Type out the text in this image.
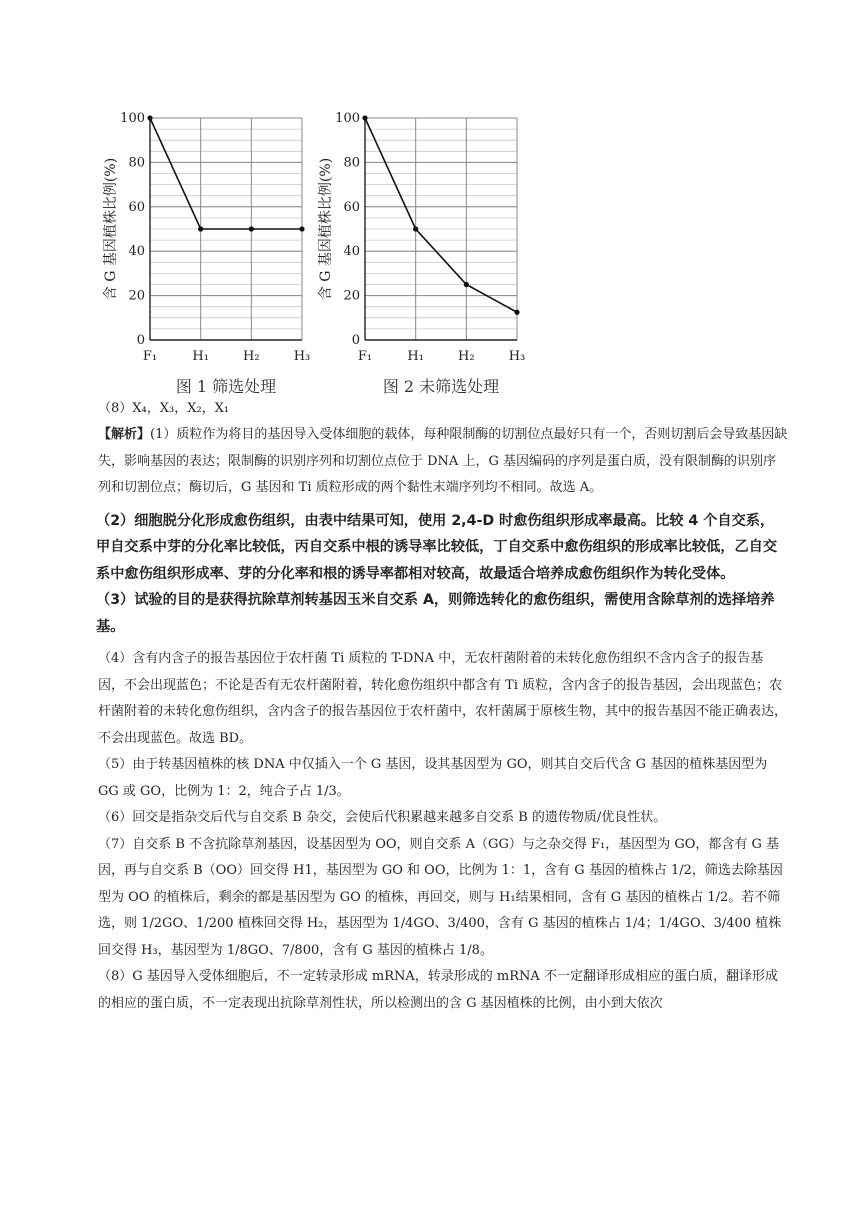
0
20
40
60
80
100
F₁	H₁	H₂	H₃
含 G 基因植株比例(%)
图 1 筛选处理
0
20
40
60
80
100
F₁	H₁	H₂	H₃
含 G 基因植株比例(%)
图 2 未筛选处理

（8）X₄，X₃，X₂，X₁

【解析】(1）质粒作为将目的基因导入受体细胞的载体，每种限制酶的切割位点最好只有一个，否则切割后会导致基因缺失，影响基因的表达；限制酶的识别序列和切割位点位于 DNA 上，G 基因编码的序列是蛋白质，没有限制酶的识别序列和切割位点；酶切后，G 基因和 Ti 质粒形成的两个黏性末端序列均不相同。故选 A。

（2）细胞脱分化形成愈伤组织，由表中结果可知，使用 2,4-D 时愈伤组织形成率最高。比较 4 个自交系，甲自交系中芽的分化率比较低，丙自交系中根的诱导率比较低，丁自交系中愈伤组织的形成率比较低，乙自交系中愈伤组织形成率、芽的分化率和根的诱导率都相对较高，故最适合培养成愈伤组织作为转化受体。

（3）试验的目的是获得抗除草剂转基因玉米自交系 A，则筛选转化的愈伤组织，需使用含除草剂的选择培养基。

（4）含有内含子的报告基因位于农杆菌 Ti 质粒的 T-DNA 中，无农杆菌附着的未转化愈伤组织不含内含子的报告基因，不会出现蓝色；不论是否有无农杆菌附着，转化愈伤组织中都含有 Ti 质粒，含内含子的报告基因，会出现蓝色；农杆菌附着的未转化愈伤组织，含内含子的报告基因位于农杆菌中，农杆菌属于原核生物，其中的报告基因不能正确表达，不会出现蓝色。故选 BD。

（5）由于转基因植株的核 DNA 中仅插入一个 G 基因，设其基因型为 GO，则其自交后代含 G 基因的植株基因型为 GG 或 GO，比例为 1：2，纯合子占 1/3。

（6）回交是指杂交后代与自交系 B 杂交，会使后代积累越来越多自交系 B 的遗传物质/优良性状。

（7）自交系 B 不含抗除草剂基因，设基因型为 OO，则自交系 A（GG）与之杂交得 F₁，基因型为 GO，都含有 G 基因，再与自交系 B（OO）回交得 H1，基因型为 GO 和 OO，比例为 1：1，含有 G 基因的植株占 1/2，筛选去除基因型为 OO 的植株后，剩余的都是基因型为 GO 的植株，再回交，则与 H₁结果相同，含有 G 基因的植株占 1/2。若不筛选，则 1/2GO、1/200 植株回交得 H₂，基因型为 1/4GO、3/400，含有 G 基因的植株占 1/4；1/4GO、3/400 植株回交得 H₃，基因型为 1/8GO、7/800，含有 G 基因的植株占 1/8。

（8）G 基因导入受体细胞后，不一定转录形成 mRNA，转录形成的 mRNA 不一定翻译形成相应的蛋白质，翻译形成的相应的蛋白质，不一定表现出抗除草剂性状，所以检测出的含 G 基因植株的比例，由小到大依次
